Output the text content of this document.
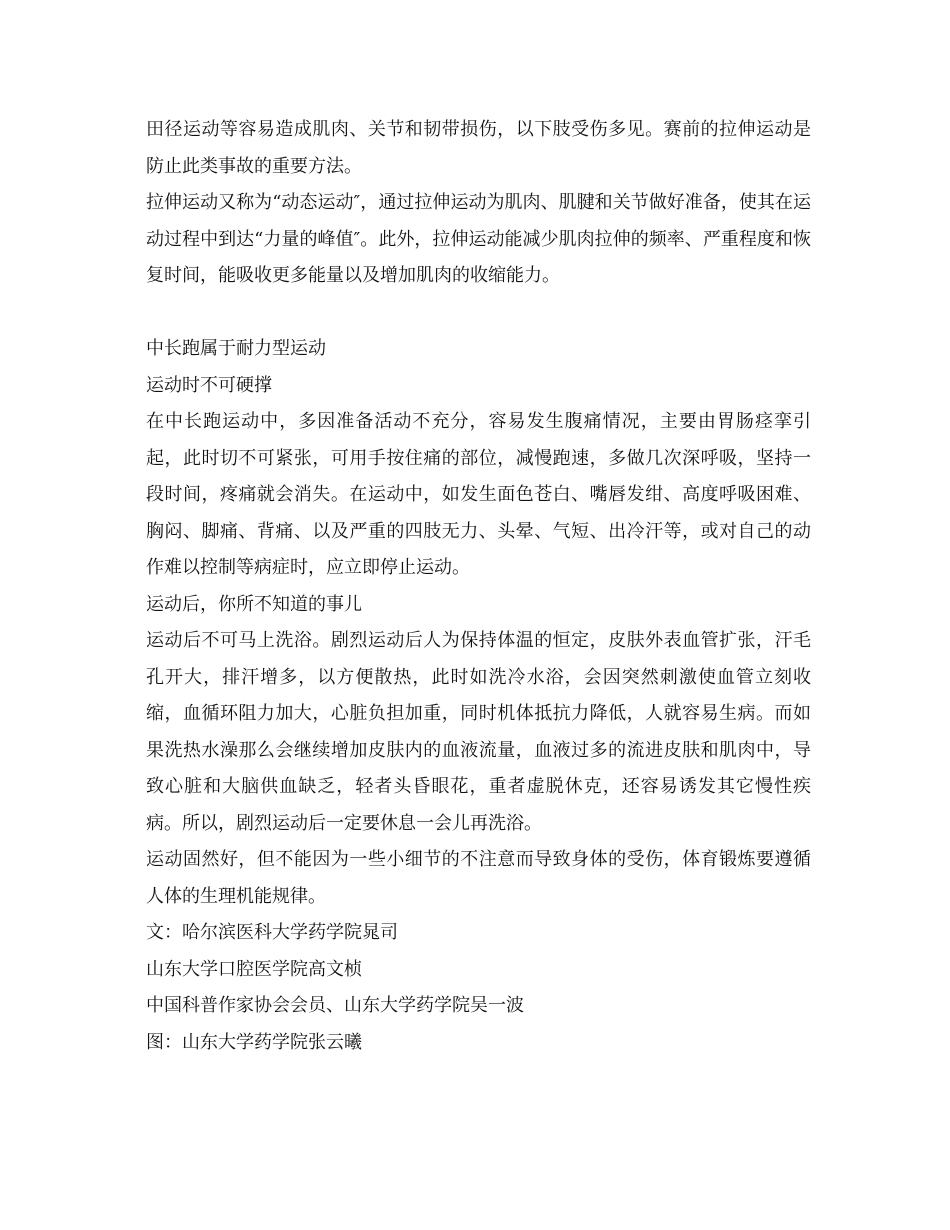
田径运动等容易造成肌肉、关节和韧带损伤，以下肢受伤多见。赛前的拉伸运动是防止此类事故的重要方法。

拉伸运动又称为“动态运动″，通过拉伸运动为肌肉、肌腱和关节做好准备，使其在运动过程中到达“力量的峰值″。此外，拉伸运动能减少肌肉拉伸的频率、严重程度和恢复时间，能吸收更多能量以及增加肌肉的收缩能力。

中长跑属于耐力型运动

运动时不可硬撑

在中长跑运动中，多因准备活动不充分，容易发生腹痛情况，主要由胃肠痉挛引起，此时切不可紧张，可用手按住痛的部位，减慢跑速，多做几次深呼吸，坚持一段时间，疼痛就会消失。在运动中，如发生面色苍白、嘴唇发绀、高度呼吸困难、胸闷、脚痛、背痛、以及严重的四肢无力、头晕、气短、出冷汗等，或对自己的动作难以控制等病症时，应立即停止运动。

运动后，你所不知道的事儿

运动后不可马上洗浴。剧烈运动后人为保持体温的恒定，皮肤外表血管扩张，汗毛孔开大，排汗增多，以方便散热，此时如洗冷水浴，会因突然刺激使血管立刻收缩，血循环阻力加大，心脏负担加重，同时机体抵抗力降低，人就容易生病。而如果洗热水澡那么会继续增加皮肤内的血液流量，血液过多的流进皮肤和肌肉中，导致心脏和大脑供血缺乏，轻者头昏眼花，重者虚脱休克，还容易诱发其它慢性疾病。所以，剧烈运动后一定要休息一会儿再洗浴。

运动固然好，但不能因为一些小细节的不注意而导致身体的受伤，体育锻炼要遵循人体的生理机能规律。

文：哈尔滨医科大学药学院晁司

山东大学口腔医学院高文桢

中国科普作家协会会员、山东大学药学院吴一波

图：山东大学药学院张云曦
